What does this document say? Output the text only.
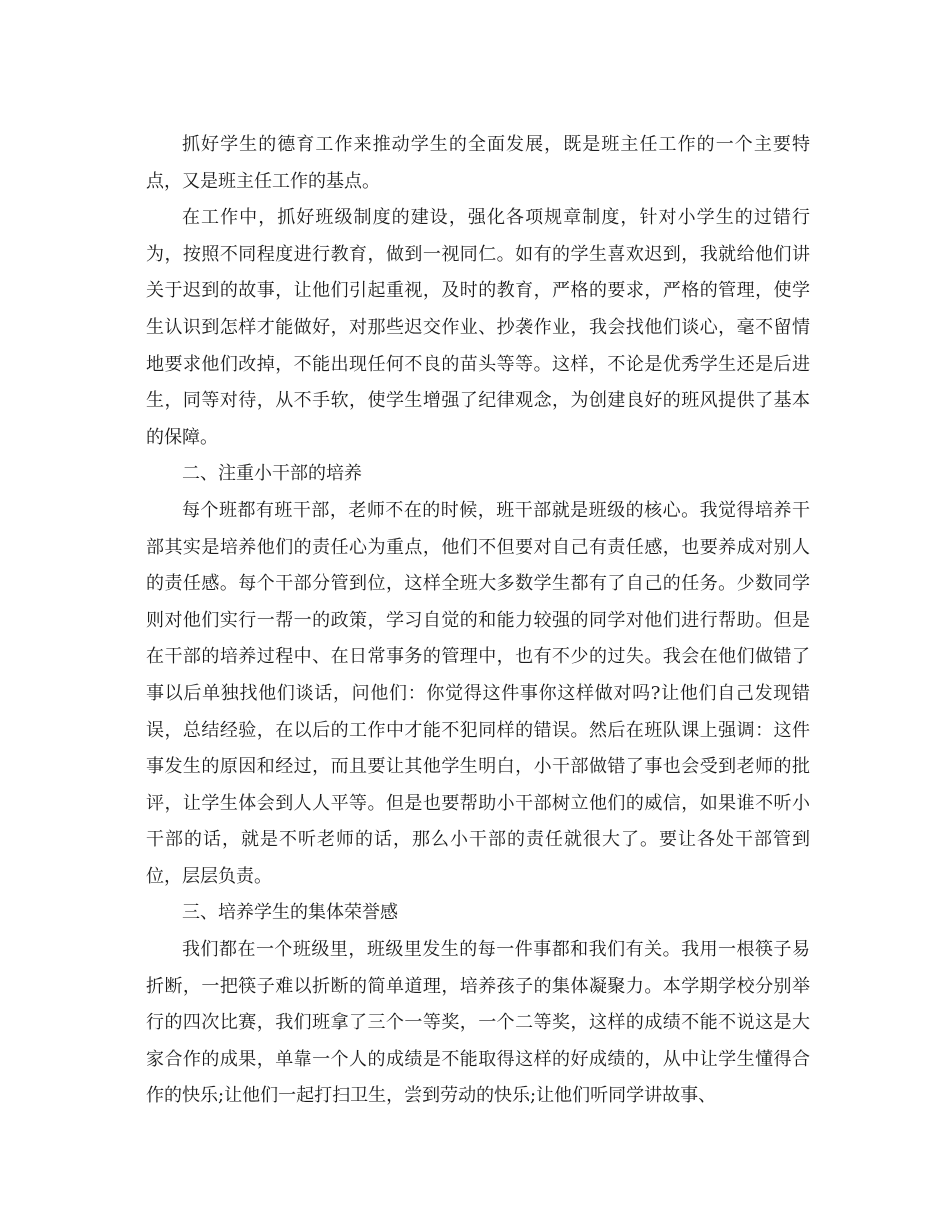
抓好学生的德育工作来推动学生的全面发展，既是班主任工作的一个主要特点，又是班主任工作的基点。

在工作中，抓好班级制度的建设，强化各项规章制度，针对小学生的过错行为，按照不同程度进行教育，做到一视同仁。如有的学生喜欢迟到，我就给他们讲关于迟到的故事，让他们引起重视，及时的教育，严格的要求，严格的管理，使学生认识到怎样才能做好，对那些迟交作业、抄袭作业，我会找他们谈心，毫不留情地要求他们改掉，不能出现任何不良的苗头等等。这样，不论是优秀学生还是后进生，同等对待，从不手软，使学生增强了纪律观念，为创建良好的班风提供了基本的保障。

二、注重小干部的培养

每个班都有班干部，老师不在的时候，班干部就是班级的核心。我觉得培养干部其实是培养他们的责任心为重点，他们不但要对自己有责任感，也要养成对别人的责任感。每个干部分管到位，这样全班大多数学生都有了自己的任务。少数同学则对他们实行一帮一的政策，学习自觉的和能力较强的同学对他们进行帮助。但是在干部的培养过程中、在日常事务的管理中，也有不少的过失。我会在他们做错了事以后单独找他们谈话，问他们：你觉得这件事你这样做对吗?让他们自己发现错误，总结经验，在以后的工作中才能不犯同样的错误。然后在班队课上强调：这件事发生的原因和经过，而且要让其他学生明白，小干部做错了事也会受到老师的批评，让学生体会到人人平等。但是也要帮助小干部树立他们的威信，如果谁不听小干部的话，就是不听老师的话，那么小干部的责任就很大了。要让各处干部管到位，层层负责。

三、培养学生的集体荣誉感

我们都在一个班级里，班级里发生的每一件事都和我们有关。我用一根筷子易折断，一把筷子难以折断的简单道理，培养孩子的集体凝聚力。本学期学校分别举行的四次比赛，我们班拿了三个一等奖，一个二等奖，这样的成绩不能不说这是大家合作的成果，单靠一个人的成绩是不能取得这样的好成绩的，从中让学生懂得合作的快乐;让他们一起打扫卫生，尝到劳动的快乐;让他们听同学讲故事、
